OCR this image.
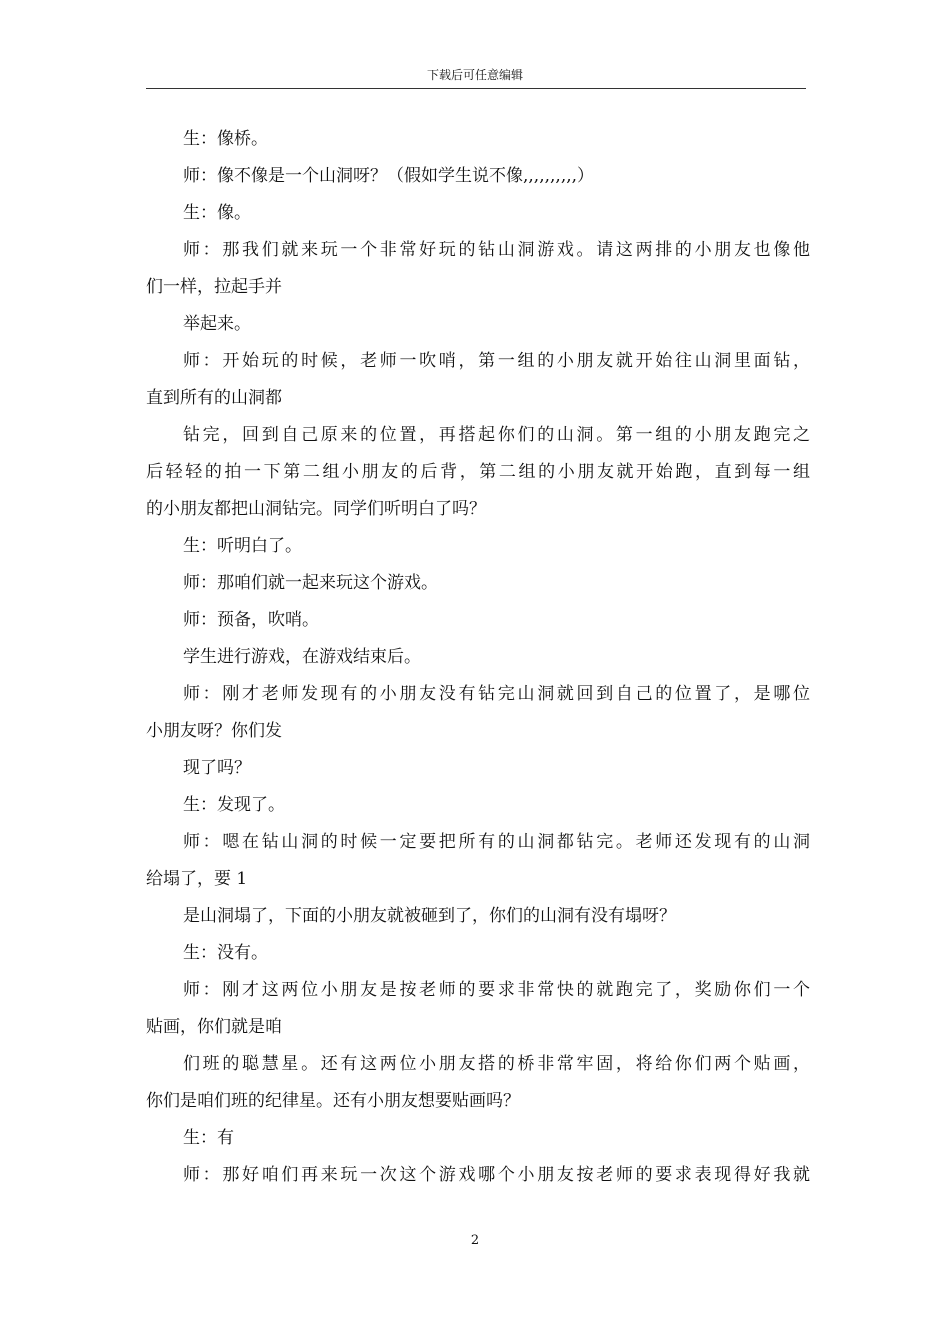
下载后可任意编辑
生：像桥。
师：像不像是一个山洞呀？（假如学生说不像,,,,,,,,,,）
生：像。
师：那我们就来玩一个非常好玩的钻山洞游戏。请这两排的小朋友也像他
们一样，拉起手并
举起来。
师：开始玩的时候，老师一吹哨，第一组的小朋友就开始往山洞里面钻，
直到所有的山洞都
钻完，回到自己原来的位置，再搭起你们的山洞。第一组的小朋友跑完之
后轻轻的拍一下第二组小朋友的后背，第二组的小朋友就开始跑，直到每一组
的小朋友都把山洞钻完。同学们听明白了吗？
生：听明白了。
师：那咱们就一起来玩这个游戏。
师：预备，吹哨。
学生进行游戏，在游戏结束后。
师：刚才老师发现有的小朋友没有钻完山洞就回到自己的位置了，是哪位
小朋友呀？你们发
现了吗？
生：发现了。
师：嗯在钻山洞的时候一定要把所有的山洞都钻完。老师还发现有的山洞
给塌了，要 1
是山洞塌了，下面的小朋友就被砸到了，你们的山洞有没有塌呀？
生：没有。
师：刚才这两位小朋友是按老师的要求非常快的就跑完了，奖励你们一个
贴画，你们就是咱
们班的聪慧星。还有这两位小朋友搭的桥非常牢固，将给你们两个贴画，
你们是咱们班的纪律星。还有小朋友想要贴画吗？
生：有
师：那好咱们再来玩一次这个游戏哪个小朋友按老师的要求表现得好我就
2
